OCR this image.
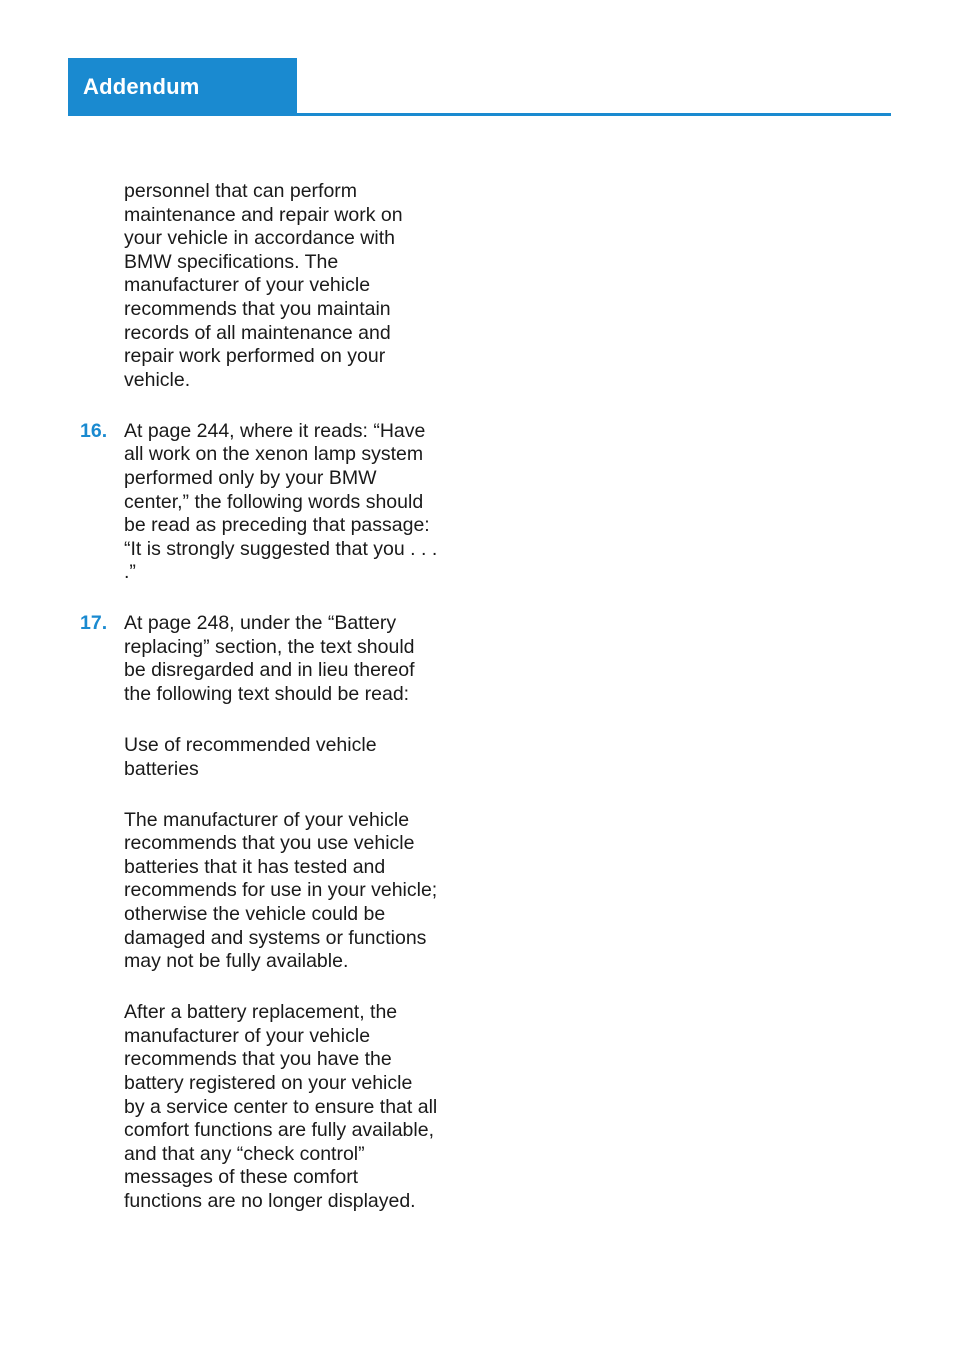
Addendum
personnel that can perform
maintenance and repair work on
your vehicle in accordance with
BMW specifications. The
manufacturer of your vehicle
recommends that you maintain
records of all maintenance and
repair work performed on your
vehicle.
16. At page 244, where it reads: “Have
all work on the xenon lamp system
performed only by your BMW
center,” the following words should
be read as preceding that passage:
“It is strongly suggested that you . . .
.”
17. At page 248, under the “Battery
replacing” section, the text should
be disregarded and in lieu thereof
the following text should be read:
Use of recommended vehicle
batteries
The manufacturer of your vehicle
recommends that you use vehicle
batteries that it has tested and
recommends for use in your vehicle;
otherwise the vehicle could be
damaged and systems or functions
may not be fully available.
After a battery replacement, the
manufacturer of your vehicle
recommends that you have the
battery registered on your vehicle
by a service center to ensure that all
comfort functions are fully available,
and that any “check control”
messages of these comfort
functions are no longer displayed.
